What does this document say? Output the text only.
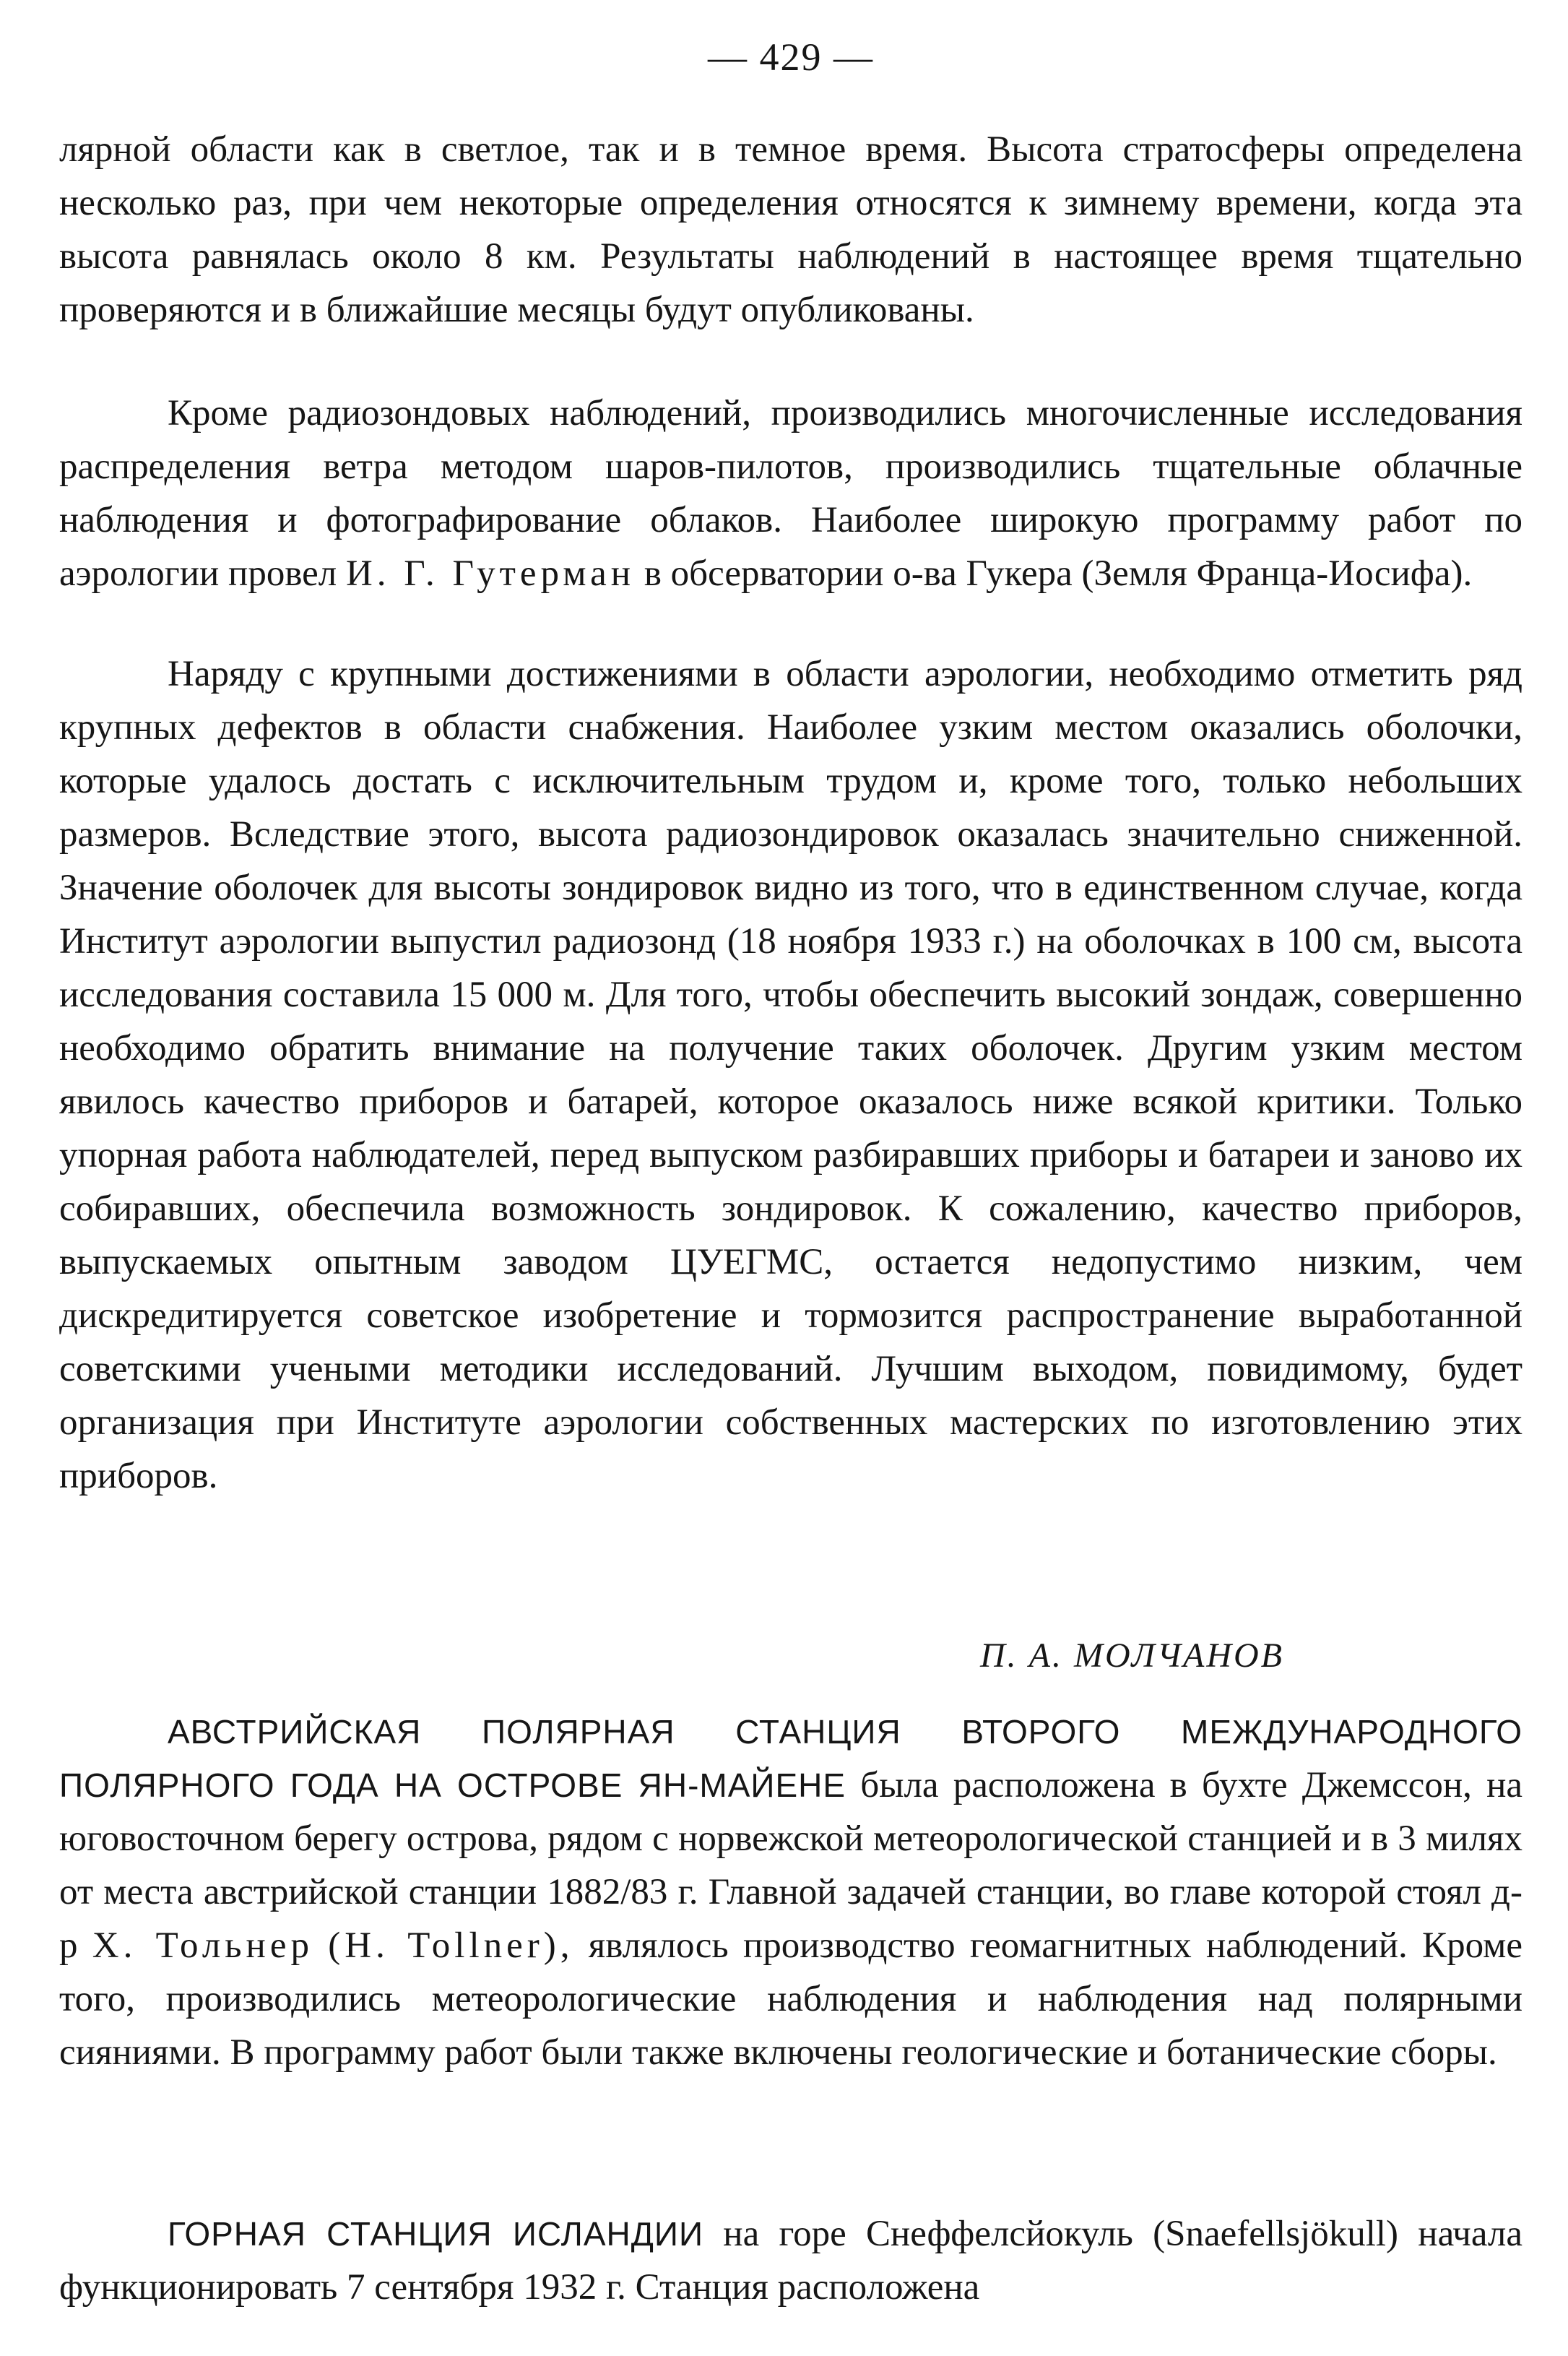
— 429 —

лярной области как в светлое, так и в темное время. Высота стратосферы определена несколько раз, при чем некоторые определения относятся к зимнему времени, когда эта высота равнялась около 8 км. Результаты наблюдений в настоящее время тщательно проверяются и в ближайшие месяцы будут опубликованы.

Кроме радиозондовых наблюдений, производились многочисленные исследования распределения ветра методом шаров-пилотов, производились тщательные облачные наблюдения и фотографирование облаков. Наиболее широкую программу работ по аэрологии провел И. Г. Гутерман в обсерватории о-ва Гукера (Земля Франца-Иосифа).

Наряду с крупными достижениями в области аэрологии, необходимо отметить ряд крупных дефектов в области снабжения. Наиболее узким местом оказались оболочки, которые удалось достать с исключительным трудом и, кроме того, только небольших размеров. Вследствие этого, высота радиозондировок оказалась значительно сниженной. Значение оболочек для высоты зондировок видно из того, что в единственном случае, когда Институт аэрологии выпустил радиозонд (18 ноября 1933 г.) на оболочках в 100 см, высота исследования составила 15 000 м. Для того, чтобы обеспечить высокий зондаж, совершенно необходимо обратить внимание на получение таких оболочек. Другим узким местом явилось качество приборов и батарей, которое оказалось ниже всякой критики. Только упорная работа наблюдателей, перед выпуском разбиравших приборы и батареи и заново их собиравших, обеспечила возможность зондировок. К сожалению, качество приборов, выпускаемых опытным заводом ЦУЕГМС, остается недопустимо низким, чем дискредитируется советское изобретение и тормозится распространение выработанной советскими учеными методики исследований. Лучшим выходом, повидимому, будет организация при Институте аэрологии собственных мастерских по изготовлению этих приборов.

П. А. МОЛЧАНОВ

АВСТРИЙСКАЯ ПОЛЯРНАЯ СТАНЦИЯ ВТОРОГО МЕЖДУНАРОДНОГО ПОЛЯРНОГО ГОДА НА ОСТРОВЕ ЯН-МАЙЕНЕ была расположена в бухте Джемссон, на юговосточном берегу острова, рядом с норвежской метеорологической станцией и в 3 милях от места австрийской станции 1882/83 г. Главной задачей станции, во главе которой стоял д-р Х. Тольнер (H. Tollner), являлось производство геомагнитных наблюдений. Кроме того, производились метеорологические наблюдения и наблюдения над полярными сияниями. В программу работ были также включены геологические и ботанические сборы.

ГОРНАЯ СТАНЦИЯ ИСЛАНДИИ на горе Снеффелсйокуль (Snaefellsjökull) начала функционировать 7 сентября 1932 г. Станция расположена
